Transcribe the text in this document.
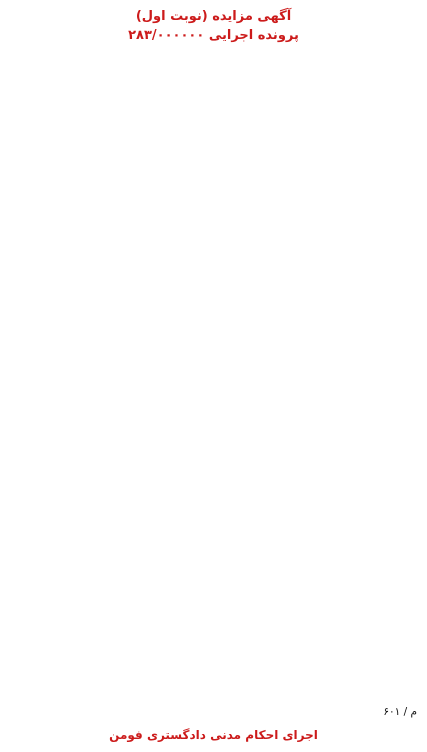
آگهی مزایده (نوبت اول)
پرونده اجرایی ۲۸۳/۰۰۰۰۰۰
م / ۶۰۱
اجرای احکام مدنی دادگستری فومن
